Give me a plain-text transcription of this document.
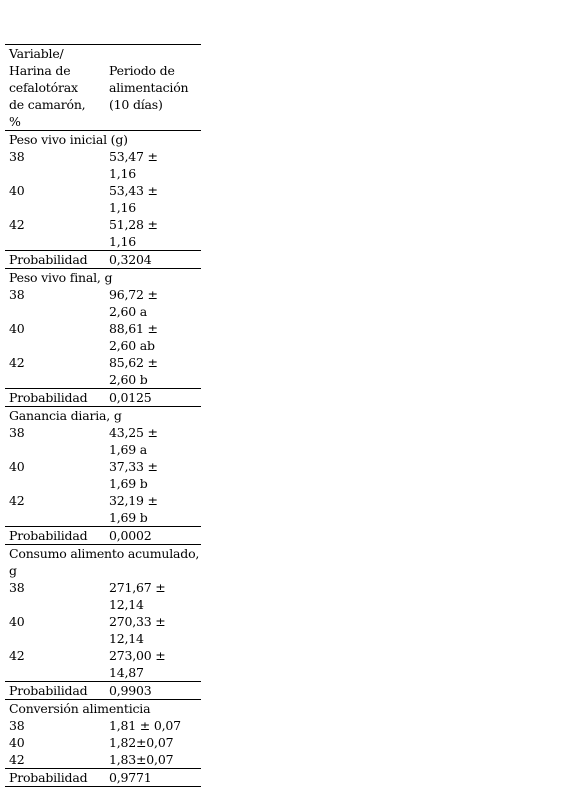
Variable/
Harina de
cefalotórax
de camarón,
%	Periodo de
alimentación
(10 días)
Peso vivo inicial (g)	
38	53,47 ±
1,16
40	53,43 ±
1,16
42	51,28 ±
1,16
Probabilidad	0,3204
Peso vivo final, g	
38	96,72 ±
2,60 a
40	88,61 ±
2,60 ab
42	85,62 ±
2,60 b
Probabilidad	0,0125
Ganancia diaria, g	
38	43,25 ±
1,69 a
40	37,33 ±
1,69 b
42	32,19 ±
1,69 b
Probabilidad	0,0002
Consumo alimento acumulado, g	
38	271,67 ±
12,14
40	270,33 ±
12,14
42	273,00 ±
14,87
Probabilidad	0,9903
Conversión alimenticia	
38	1,81 ± 0,07
40	1,82±0,07
42	1,83±0,07
Probabilidad	0,9771
